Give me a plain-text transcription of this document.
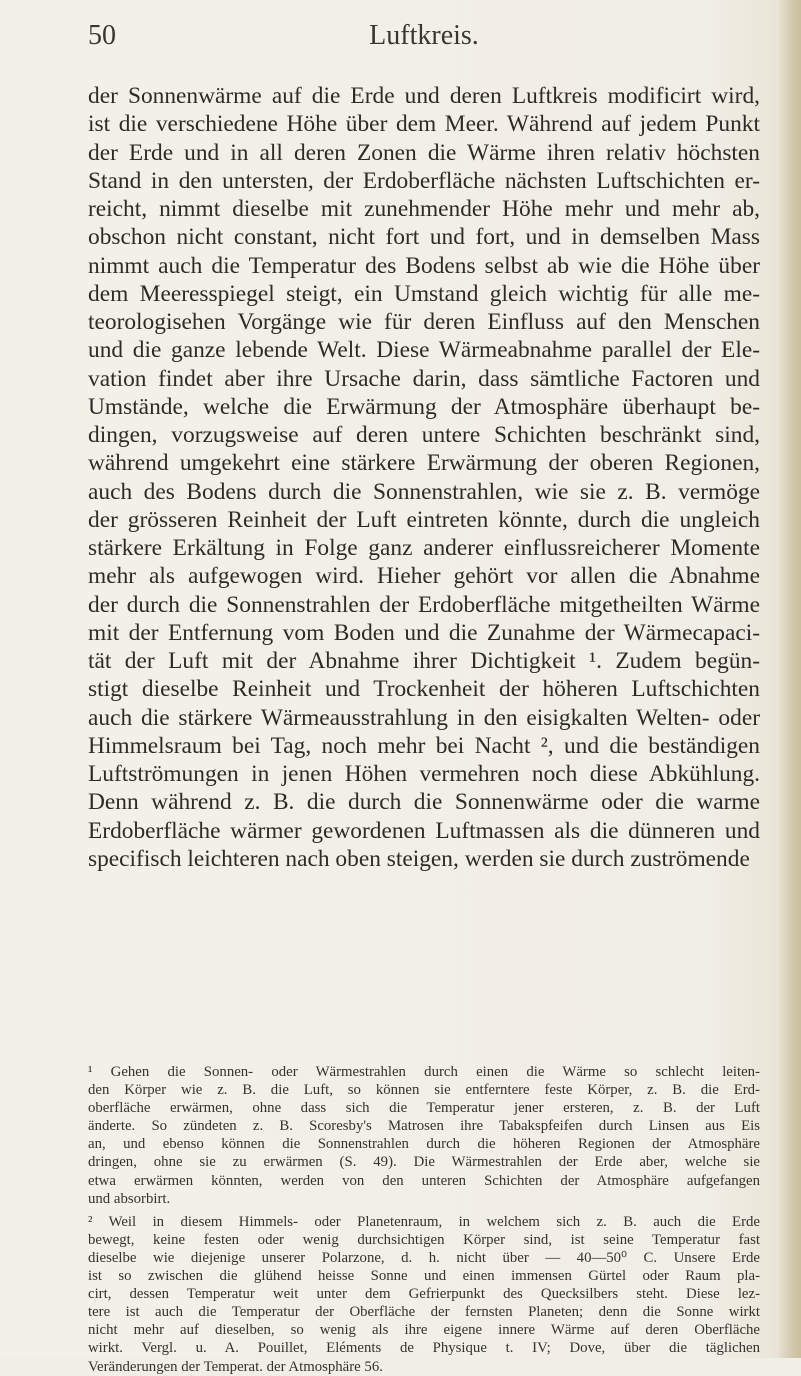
50	Luftkreis.
der Sonnenwärme auf die Erde und deren Luftkreis modificirt wird,
ist die verschiedene Höhe über dem Meer. Während auf jedem Punkt
der Erde und in all deren Zonen die Wärme ihren relativ höchsten
Stand in den untersten, der Erdoberfläche nächsten Luftschichten er-
reicht, nimmt dieselbe mit zunehmender Höhe mehr und mehr ab,
obschon nicht constant, nicht fort und fort, und in demselben Mass
nimmt auch die Temperatur des Bodens selbst ab wie die Höhe über
dem Meeresspiegel steigt, ein Umstand gleich wichtig für alle me-
teorologisehen Vorgänge wie für deren Einfluss auf den Menschen
und die ganze lebende Welt. Diese Wärmeabnahme parallel der Ele-
vation findet aber ihre Ursache darin, dass sämtliche Factoren und
Umstände, welche die Erwärmung der Atmosphäre überhaupt be-
dingen, vorzugsweise auf deren untere Schichten beschränkt sind,
während umgekehrt eine stärkere Erwärmung der oberen Regionen,
auch des Bodens durch die Sonnenstrahlen, wie sie z. B. vermöge
der grösseren Reinheit der Luft eintreten könnte, durch die ungleich
stärkere Erkältung in Folge ganz anderer einflussreicherer Momente
mehr als aufgewogen wird. Hieher gehört vor allen die Abnahme
der durch die Sonnenstrahlen der Erdoberfläche mitgetheilten Wärme
mit der Entfernung vom Boden und die Zunahme der Wärmecapaci-
tät der Luft mit der Abnahme ihrer Dichtigkeit ¹. Zudem begün-
stigt dieselbe Reinheit und Trockenheit der höheren Luftschichten
auch die stärkere Wärmeausstrahlung in den eisigkalten Welten- oder
Himmelsraum bei Tag, noch mehr bei Nacht ², und die beständigen
Luftströmungen in jenen Höhen vermehren noch diese Abkühlung.
Denn während z. B. die durch die Sonnenwärme oder die warme
Erdoberfläche wärmer gewordenen Luftmassen als die dünneren und
specifisch leichteren nach oben steigen, werden sie durch zuströmende
¹ Gehen die Sonnen- oder Wärmestrahlen durch einen die Wärme so schlecht leiten-
den Körper wie z. B. die Luft, so können sie entferntere feste Körper, z. B. die Erd-
oberfläche erwärmen, ohne dass sich die Temperatur jener ersteren, z. B. der Luft
änderte. So zündeten z. B. Scoresby's Matrosen ihre Tabakspfeifen durch Linsen aus Eis
an, und ebenso können die Sonnenstrahlen durch die höheren Regionen der Atmosphäre
dringen, ohne sie zu erwärmen (S. 49). Die Wärmestrahlen der Erde aber, welche sie
etwa erwärmen könnten, werden von den unteren Schichten der Atmosphäre aufgefangen
und absorbirt.
² Weil in diesem Himmels- oder Planetenraum, in welchem sich z. B. auch die Erde
bewegt, keine festen oder wenig durchsichtigen Körper sind, ist seine Temperatur fast
dieselbe wie diejenige unserer Polarzone, d. h. nicht über — 40—50⁰ C. Unsere Erde
ist so zwischen die glühend heisse Sonne und einen immensen Gürtel oder Raum pla-
cirt, dessen Temperatur weit unter dem Gefrierpunkt des Quecksilbers steht. Diese lez-
tere ist auch die Temperatur der Oberfläche der fernsten Planeten; denn die Sonne wirkt
nicht mehr auf dieselben, so wenig als ihre eigene innere Wärme auf deren Oberfläche
wirkt. Vergl. u. A. Pouillet, Eléments de Physique t. IV; Dove, über die täglichen
Veränderungen der Temperat. der Atmosphäre 56.
